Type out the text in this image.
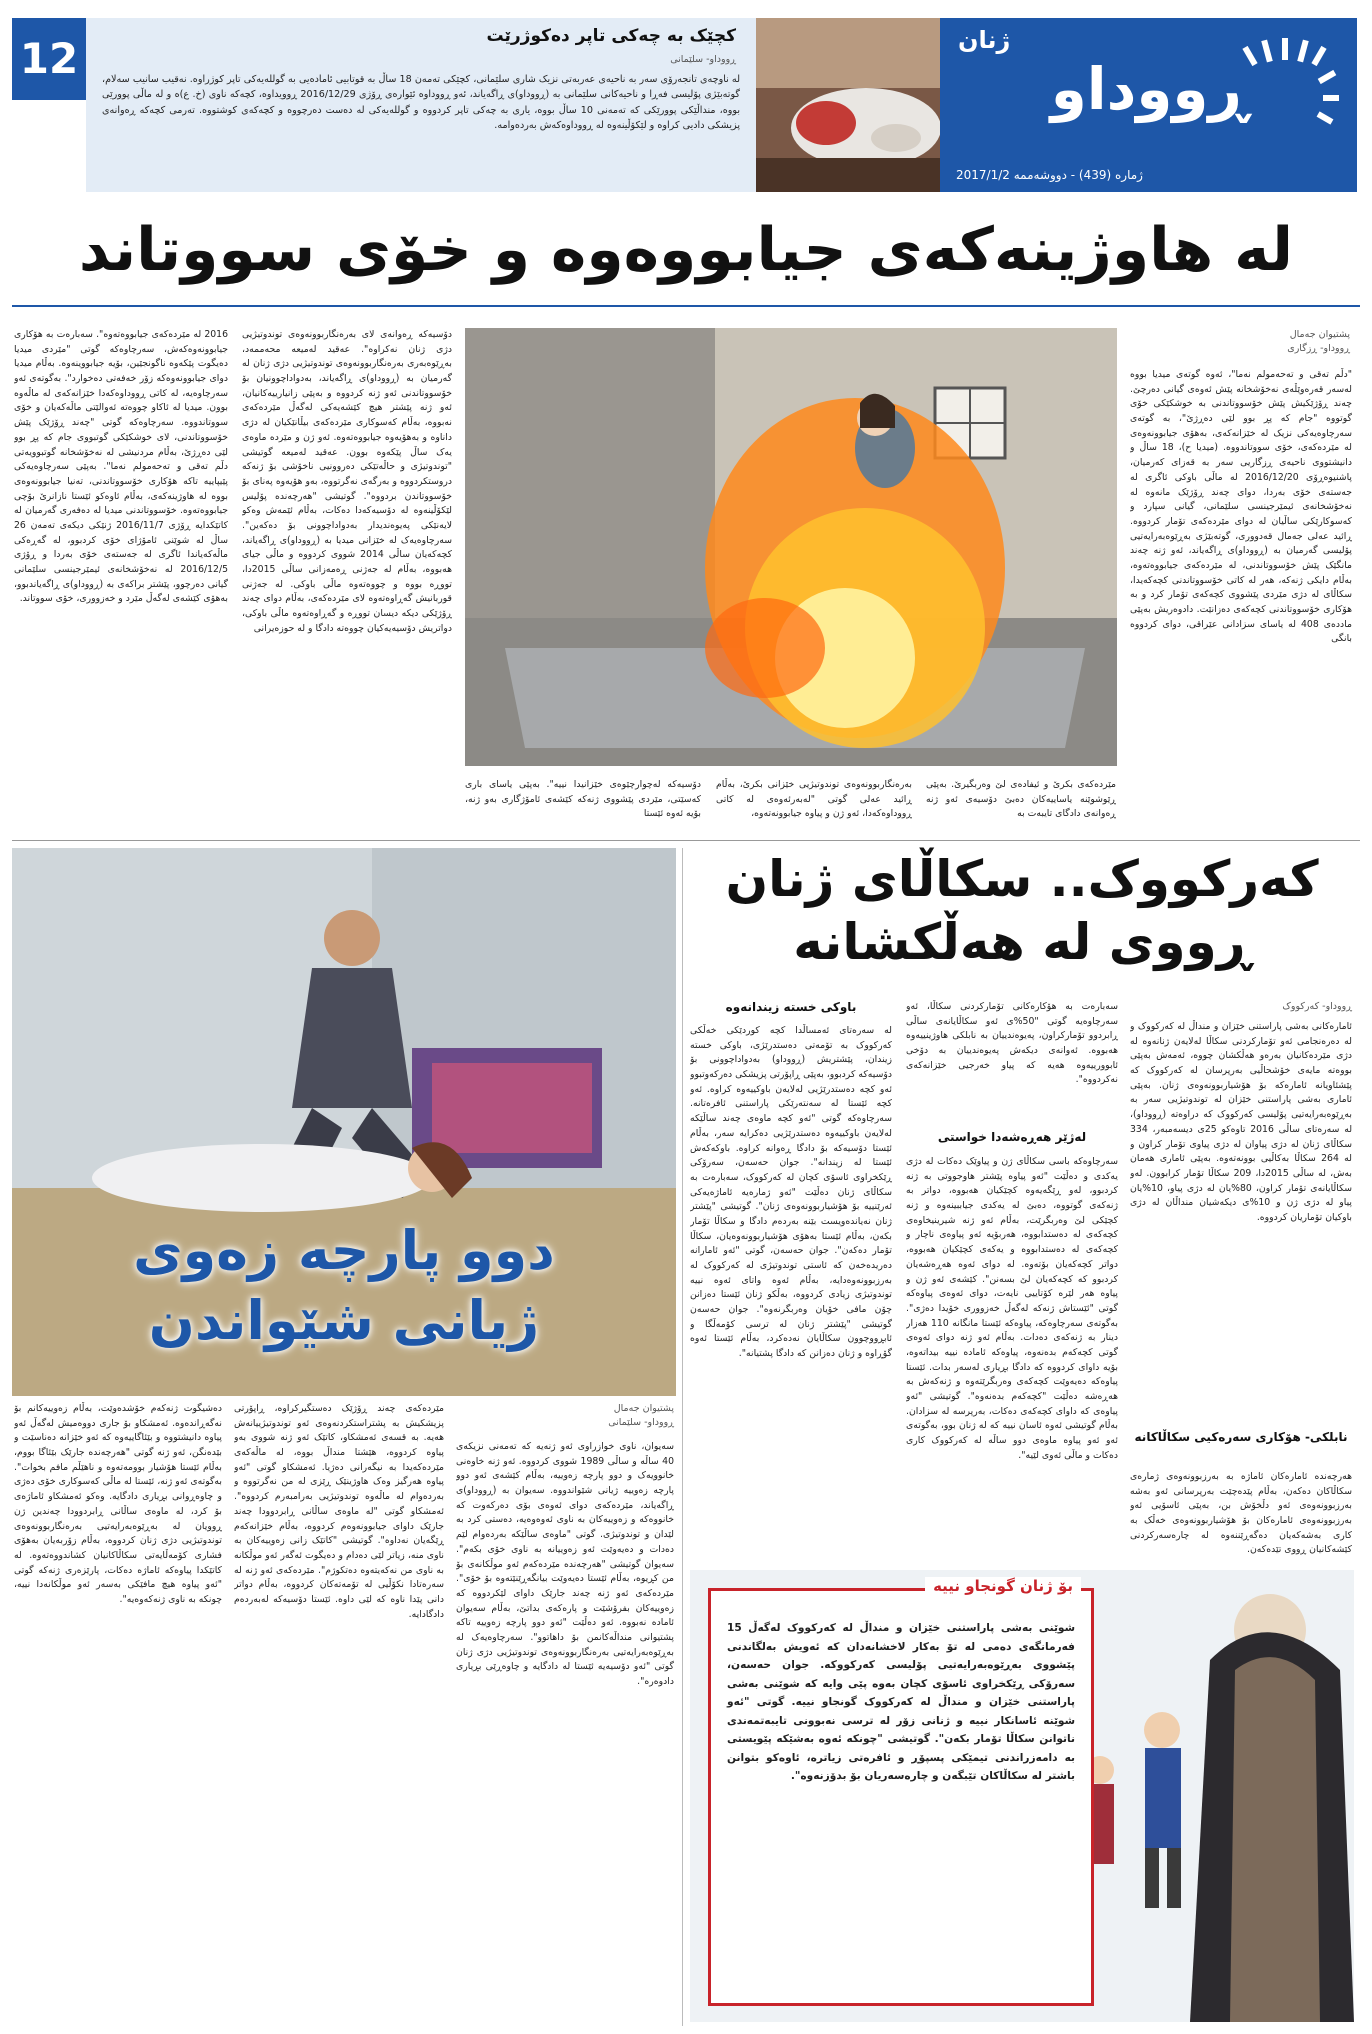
12	کچێک بە چەکی تاپر دەکوژرێت
ڕووداو- سلێمانی
لە ناوچەی تانجەرۆی سەر بە ناحیەی عەربەتی نزیک شاری سلێمانی، کچێکی تەمەن 18 ساڵ بە قوتابیی ئامادەیی بە گوللەیەکی تاپر کوژراوە. نەقیب سانیب سەلام، گوتەبێژی پۆلیسی فەڕا و ناحیەکانی سلێمانی بە (ڕووداو)ی ڕاگەیاند، ئەو ڕووداوە ئێوارەی ڕۆژی 2016/12/29 ڕوویداوە، کچەکە ناوی (خ. ع)ە و لە ماڵی پوورێی بووە، منداڵێکی پوورێکی کە تەمەنی 10 ساڵ بووە، یاری بە چەکی تاپر کردووە و گوللەیەکی لە دەست دەرچووە و کچەکەی کوشتووە. تەرمی کچەکە ڕەوانەی پزیشکی دادیی کراوە و لێکۆڵینەوە لە ڕووداوەکەش بەردەوامە.
ڕووداو
ژنان
ژمارە (439) - دووشەممە 2017/1/2
لە هاوژینەکەی جیابووەوە و خۆی سووتاند
پشتیوان جەمال
ڕووداو- ڕزگاری
"دڵم تەقی و تەحەمولم نەما"، ئەوە گوتەی میدیا بووە لەسەر قەرەوێڵەی نەخۆشخانە پێش ئەوەی گیانی دەرچێ. چەند ڕۆژێکیش پێش خۆسووتاندنی بە خوشکێکی خۆی گوتووە "جام کە پڕ بوو لێی دەڕژێ"، بە گوتەی سەرچاوەیەکی نزیک لە خێزانەکەی، بەهۆی جیابوونەوەی لە مێردەکەی، خۆی سووتاندووە. (میدیا ح)، 18 ساڵ و دانیشتووی ناحیەی ڕزگاریی سەر بە قەزای کەرمیان، پاشنیوەڕۆی 2016/12/20 لە ماڵی باوکی ئاگری لە جەستەی خۆی بەردا، دوای چەند ڕۆژێک مانەوە لە نەخۆشخانەی ئیمێرجینسی سلێمانی، گیانی سپارد و کەسوکارێکی ساڵیان لە دوای مێردەکەی تۆمار کردووە. ڕائید عەلی جەمال قەدووری، گوتەبێژی بەڕێوەبەرایەتیی پۆلیسی گەرمیان بە (ڕووداو)ی ڕاگەیاند، ئەو ژنە چەند مانگێک پێش خۆسووتاندنی، لە مێردەکەی جیابووەتەوە، بەڵام دایکی ژنەکە، هەر لە کاتی خۆسووتاندنی کچەکەیدا، سکاڵای لە دژی مێردی پێشووی کچەکەی تۆمار کرد و بە هۆکاری خۆسووتاندنی کچەکەی دەزانێت. دادوەریش بەپێی ماددەی 408 لە یاسای سزادانی عێراقی، دوای کردووە بانگی
مێردەکەی بکرێ و ئیفادەی لێ وەربگیرێ. بەپێی ڕێوشوێنە یاساییەکان دەبێ دۆسیەی ئەو ژنە ڕەوانەی دادگای تایبەت بە
بەرەنگاربوونەوەی توندوتیژیی خێزانی بکرێ، بەڵام ڕائید عەلی گوتی "لەبەرئەوەی لە کاتی ڕووداوەکەدا، ئەو ژن و پیاوە جیابوونەتەوە،
دۆسیەکە لەچوارچێوەی خێزانیدا نییە". بەپێی یاسای باری کەسێتی، مێردی پێشووی ژنەکە کێشەی ئامۆژگاری بەو ژنە، بۆیە ئەوە ئێستا
دۆسیەکە ڕەوانەی لای بەرەنگاربوونەوەی توندوتیژیی دژی ژنان نەکراوە". عەقید لەمیعە محەممەد، بەڕێوەبەری بەرەنگاربوونەوەی توندوتیژیی دژی ژنان لە گەرمیان بە (ڕووداو)ی ڕاگەیاند، بەدواداچوونیان بۆ خۆسووتاندنی ئەو ژنە کردووە و بەپێی زانیارییەکانیان، ئەو ژنە پێشتر هیچ کێشەیەکی لەگەڵ مێردەکەی نەبووە، بەڵام کەسوکاری مێردەکەی بیڵانێکیان لە دژی داناوە و بەهۆیەوە جیابووەتەوە. ئەو ژن و مێردە ماوەی یەک ساڵ پێکەوە بوون. عەقید لەمیعە گوتیشی "توندوتیژی و حاڵەتێکی دەروونیی ناخۆشی بۆ ژنەکە دروستکردووە و بەرگەی نەگرتووە، بەو هۆیەوە پەنای بۆ خۆسووتاندن بردووە". گوتیشی "هەرچەندە پۆلیس لێکۆڵینەوە لە دۆسیەکەدا دەکات، بەڵام ئێمەش وەکو لایەنێکی پەیوەندیدار بەدواداچوونی بۆ دەکەین". سەرچاوەیەک لە خێزانی میدیا بە (ڕووداو)ی ڕاگەیاند، کچەکەیان ساڵی 2014 شووی کردووە و ماڵی جیای هەبووە، بەڵام لە جەژنی ڕەمەزانی ساڵی 2015دا، تووڕە بووە و چووەتەوە ماڵی باوکی. لە جەژنی قوربانیش گەڕاوەتەوە لای مێردەکەی، بەڵام دوای چەند ڕۆژێکی دیکە دیسان تووڕە و گەڕاوەتەوە ماڵی باوکی، دواتریش دۆسیەیەکیان چووەتە دادگا و لە حوزەیرانی
2016 لە مێردەکەی جیابووەتەوە". سەبارەت بە هۆکاری جیابوونەوەکەش، سەرچاوەکە گوتی "مێردی میدیا دەیگوت پێکەوە ناگونجێین، بۆیە جیابووینەوە. بەڵام میدیا دوای جیابوونەوەکە زۆر خەفەتی دەخوارد". بەگوتەی ئەو سەرچاوەیە، لە کاتی ڕووداوەکەدا خێزانەکەی لە ماڵەوە بوون. میدیا لە ئاکاو چووەتە ئەوالێتی ماڵەکەیان و خۆی سووتاندووە. سەرچاوەکە گوتی "چەند ڕۆژێک پێش خۆسووتاندنی، لای خوشکێکی گوتبووی جام کە پڕ بوو لێی دەڕژێ، بەڵام مردنیشی لە نەخۆشخانە گوتبوویەتی دڵم تەقی و تەحەمولم نەما". بەپێی سەرچاوەیەکی پێیپاییە تاکە هۆکاری خۆسووتاندنی، تەنیا جیابوونەوەی بووە لە هاوژینەکەی، بەڵام ئاوەکو ئێستا نازانرێ بۆچی جیابووەتەوە. خۆسووتاندنی میدیا لە دەفەری گەرمیان لە کاتێکدایە ڕۆژی 2016/11/7 ژنێکی دیکەی تەمەن 26 ساڵ لە شوێنی ئامۆژای خۆی کردبوو، لە گەڕەکی ماڵەکەیاندا ئاگری لە جەستەی خۆی بەردا و ڕۆژی 2016/12/5 لە نەخۆشخانەی ئیمێرجینسی سلێمانی گیانی دەرچوو، پێشتر براکەی بە (ڕووداو)ی ڕاگەیاندبوو، بەهۆی کێشەی لەگەڵ مێرد و خەزووری، خۆی سووتاند.
کەرکووک.. سکاڵای ژنان
ڕووی لە هەڵکشانە
ڕووداو- کەرکووک
ئامارەکانی بەشی پاراستنی خێزان و منداڵ لە کەرکووک و لە دەرەنجامی ئەو تۆمارکردنی سکاڵا لەلایەن ژنانەوە لە دژی مێردەکانیان بەرەو هەڵکشان چووە، ئەمەش بەپێی بووەتە مایەی خۆشحاڵیی بەرپرسان لە کەرکووک کە پێشئاویانە ئامارەکە بۆ هۆشیاربوونەوەی ژنان. بەپێی ئاماری بەشی پاراستنی خێزان لە توندوتیژیی سەر بە بەڕێوەبەرایەتیی پۆلیسی کەرکووک کە دراوەتە (ڕووداو)، لە سەرەتای ساڵی 2016 تاوەکو 25ی دیسەمبەر، 334 سکاڵای ژنان لە دژی پیاوان لە دژی پیاوی تۆمار کراون و لە 264 سکاڵا بەکاڵیی بوونەتەوە. بەپێی ئاماری هەمان بەش، لە ساڵی 2015دا، 209 سکاڵا تۆمار کرابوون. لەو سکاڵایانەی تۆمار کراون، 80%یان لە دژی پیاو، 10%یان پیاو لە دژی ژن و 10%ی دیکەشیان منداڵان لە دژی باوکیان تۆماریان کردووە.
نابلکی- هۆکاری سەرەکیی سکاڵاکانە
هەرچەندە ئامارەکان ئاماژە بە بەرزبوونەوەی ژمارەی سکاڵاکان دەکەن، بەڵام پێدەچێت بەرپرسانی ئەو بەشە بەرزبوونەوەی ئەو دڵخۆش بن، بەپێی ئاسۆیی ئەو بەرزبوونەوەی ئامارەکان بۆ هۆشیاربوونەوەی خەڵک بە کاری بەشەکەیان دەگەڕێننەوە لە چارەسەرکردنی کێشەکانیان ڕووی تێدەکەن.
سەبارەت بە هۆکارەکانی تۆمارکردنی سکاڵا، ئەو سەرچاوەیە گوتی "50%ی ئەو سکاڵایانەی ساڵی ڕابردوو تۆمارکراون، پەیوەندییان بە نابلکی هاوژینییەوە هەبووە. ئەوانەی دیکەش پەیوەندییان بە دۆخی ئابوورییەوە هەیە کە پیاو خەرجیی خێزانەکەی نەکردووە".
لەژێر هەڕەشەدا خواستی
سەرچاوەکە باسی سکاڵای ژن و پیاوێک دەکات لە دژی یەکدی و دەڵێت "ئەو پیاوە پێشتر هاوجووتی بە ژنە کردبوو، لەو ڕێگەیەوە کچێکیان هەبووە، دواتر بە ژنەکەی گوتووە، دەبێ لە یەکدی جیاببینەوە و ژنە کچێکی لێ وەربگرێت، بەڵام ئەو ژنە شیرینیخاوەی کچەکەی لە دەستدابووە، هەربۆیە ئەو پیاوەی ناچار و کچەکەی لە دەستدابووە و یەکەی کچێکیان هەبووە، دواتر کچەکەیان بۆتەوە. لە دوای ئەوە هەڕەشەیان کردبوو کە کچەکەیان لێ بسەنن". کێشەی ئەو ژن و پیاوە هەر لێرە کۆتاییی نایەت، دوای ئەوەی پیاوەکە گوتی "ئێستاش ژنەکە لەگەڵ خەزووری خۆیدا دەژی". بەگوتەی سەرچاوەکە، پیاوەکە ئێستا مانگانە 110 هەزار دینار بە ژنەکەی دەدات. بەڵام ئەو ژنە دوای ئەوەی گوتی کچەکەم بدەنەوە، پیاوەکە ئامادە نییە بیداتەوە، بۆیە داوای کردووە کە دادگا بڕیاری لەسەر بدات. ئێستا پیاوەکە دەیەوێت کچەکەی وەربگرێتەوە و ژنەکەش بە هەڕەشە دەڵێت "کچەکەم بدەنەوە". گوتیشی "ئەو پیاوەی کە داوای کچەکەی دەکات، بەرپرسە لە سزادان. بەڵام گوتیشی ئەوە ئاسان نییە کە لە ژنان بوو، بەگوتەی ئەو ئەو پیاوە ماوەی دوو ساڵە لە کەرکووک کاری دەکات و ماڵی ئەوی لێیە".
باوکی خستە زیندانەوە
لە سەرەتای ئەمساڵدا کچە کوردێکی خەڵکی کەرکووک بە تۆمەتی دەستدرێژی، باوکی خستە زیندان، پێشتریش (ڕووداو) بەدواداچوونی بۆ دۆسیەکە کردبوو، بەپێی ڕاپۆرتی پزیشکی دەرکەوتبوو ئەو کچە دەستدرێژیی لەلایەن باوکییەوە کراوە. ئەو کچە ئێستا لە سەنتەرێکی پاراستنی ئافرەتانە. سەرچاوەکە گوتی "ئەو کچە ماوەی چەند ساڵێکە لەلایەن باوکییەوە دەستدرێژیی دەکرایە سەر، بەڵام ئێستا دۆسیەکە بۆ دادگا ڕەوانە کراوە. باوکەکەش ئێستا لە زیندانە". جوان حەسەن، سەرۆکی ڕێکخراوی ئاسۆی کچان لە کەرکووک، سەبارەت بە سکاڵای ژنان دەڵێت "ئەو ژمارەیە ئاماژەیەکی ئەرێنییە بۆ هۆشیاربوونەوەی ژنان". گوتیشی "پێشتر ژنان نەیاندەویست بێنە بەردەم دادگا و سکاڵا تۆمار بکەن، بەڵام ئێستا بەهۆی هۆشیاربوونەوەیان، سکاڵا تۆمار دەکەن". جوان حەسەن، گوتی "ئەو ئامارانە دەریدەخەن کە ئاستی توندوتیژی لە کەرکووک لە بەرزبوونەوەدایە، بەڵام ئەوە واتای ئەوە نییە توندوتیژی زیادی کردووە، بەڵکو ژنان ئێستا دەزانن چۆن مافی خۆیان وەربگرنەوە". جوان حەسەن گوتیشی "پێشتر ژنان لە ترسی کۆمەڵگا و ئابڕووچوون سکاڵایان نەدەکرد، بەڵام ئێستا ئەوە گۆڕاوە و ژنان دەزانن کە دادگا پشتیانە".
بۆ ژنان گونجاو نییە
شوێنی بەشی پاراستنی خێزان و منداڵ لە کەرکووک لەگەڵ 15 فەرمانگەی دەمی لە تۆ بەکار لاخشانەدان کە ئەویش بەلگاندنی پێشووی بەڕێوەبەرایەتیی پۆلیسی کەرکووکە. جوان حەسەن، سەرۆکی ڕێکخراوی ئاسۆی کچان بەوە پێی وایە کە شوێنی بەشی پاراستنی خێزان و منداڵ لە کەرکووک گونجاو نییە. گوتی "ئەو شوێنە ئاسانکار نییە و ژنانی زۆر لە ترسی نەبوونی تایبەتمەندی ناتوانن سکاڵا تۆمار بکەن". گوتیشی "چونکە ئەوە بەشێکە پێویستی بە دامەزراندنی تیمێکی پسپۆڕ و ئافرەتی زیاترە، ئاوەکو بتوانن باشتر لە سکاڵاکان تێبگەن و چارەسەریان بۆ بدۆزنەوە".
دوو پارچە زەوی
ژیانی شێواندن
پشتیوان جەمال
ڕووداو- سلێمانی
سەیوان، ناوی خوازراوی ئەو ژنەیە کە تەمەنی نزیکەی 40 ساڵە و ساڵی 1989 شووی کردووە. ئەو ژنە خاوەنی خانوویەک و دوو پارچە زەوییە، بەڵام کێشەی ئەو دوو پارچە زەوییە ژیانی شێواندووە. سەیوان بە (ڕووداو)ی ڕاگەیاند، مێردەکەی دوای ئەوەی بۆی دەرکەوت کە خانووەکە و زەوییەکان بە ناوی ئەوەوەیە، دەستی کرد بە لێدان و توندوتیژی. گوتی "ماوەی ساڵێکە بەردەوام لێم دەدات و دەیەوێت ئەو زەوییانە بە ناوی خۆی بکەم". سەیوان گوتیشی "هەرچەندە مێردەکەم ئەو موڵکانەی بۆ من کڕیوە، بەڵام ئێستا دەیەوێت بیانگەڕێنێتەوە بۆ خۆی". مێردەکەی ئەو ژنە چەند جارێک داوای لێکردووە کە زەوییەکان بفرۆشێت و پارەکەی بداتێ، بەڵام سەیوان ئامادە نەبووە. ئەو دەڵێت "ئەو دوو پارچە زەوییە تاکە پشتیوانی منداڵەکانمن بۆ داهاتوو". سەرچاوەیەک لە بەڕێوەبەرایەتیی بەرەنگاربوونەوەی توندوتیژیی دژی ژنان گوتی "ئەو دۆسیەیە ئێستا لە دادگایە و چاوەڕێی بڕیاری دادوەرە".
مێردەکەی چەند ڕۆژێک دەستگیرکراوە، ڕاپۆرتی پزیشکیش بە پشتراستکردنەوەی ئەو توندوتیژییانەش هەیە. بە قسەی ئەمشکاو، کاتێک ئەو ژنە شووی بەو پیاوە کردووە، هێشتا منداڵ بووە، لە ماڵەکەی مێردەکەیدا بە نیگەرانی دەژیا. ئەمشکاو گوتی "ئەو پیاوە هەرگیز وەک هاوژینێک ڕێزی لە من نەگرتووە و بەردەوام لە ماڵەوە توندوتیژیی بەرامبەرم کردووە". ئەمشکاو گوتی "لە ماوەی ساڵانی ڕابردوودا چەند جارێک داوای جیابوونەوەم کردووە، بەڵام خێزانەکەم ڕێگەیان نەداوە". گوتیشی "کاتێک زانی زەوییەکان بە ناوی منە، زیاتر لێی دەدام و دەیگوت ئەگەر ئەو موڵکانە بە ناوی من نەکەیتەوە دەتکوژم". مێردەکەی ئەو ژنە لە سەرەتادا نکۆڵیی لە تۆمەتەکان کردووە، بەڵام دواتر دانی پێدا ناوە کە لێی داوە. ئێستا دۆسیەکە لەبەردەم دادگادایە.
دەشیگوت ژنەکەم خۆشدەوێت، بەڵام زەوییەکانم بۆ نەگەڕاندەوە. ئەمشکاو بۆ جاری دووەمیش لەگەڵ ئەو پیاوە دانیشتووە و بێئاگاییەوە کە ئەو خێزانە دەناسێت و بێدەنگن، ئەو ژنە گوتی "هەرچەندە جارێک بێئاگا بووم، بەڵام ئێستا هۆشیار بوومەتەوە و ناهێڵم مافم بخوات". بەگوتەی ئەو ژنە، ئێستا لە ماڵی کەسوکاری خۆی دەژی و چاوەڕوانی بڕیاری دادگایە. وەکو ئەمشکاو ئاماژەی بۆ کرد، لە ماوەی ساڵانی ڕابردوودا چەندین ژن ڕوویان لە بەڕێوەبەرایەتیی بەرەنگاربوونەوەی توندوتیژیی دژی ژنان کردووە، بەڵام زۆربەیان بەهۆی فشاری کۆمەڵایەتی سکاڵاکانیان کشاندووەتەوە. لە کاتێکدا پیاوەکە ئاماژە دەکات، پارێزەری ژنەکە گوتی "ئەو پیاوە هیچ مافێکی بەسەر ئەو موڵکانەدا نییە، چونکە بە ناوی ژنەکەوەیە".
